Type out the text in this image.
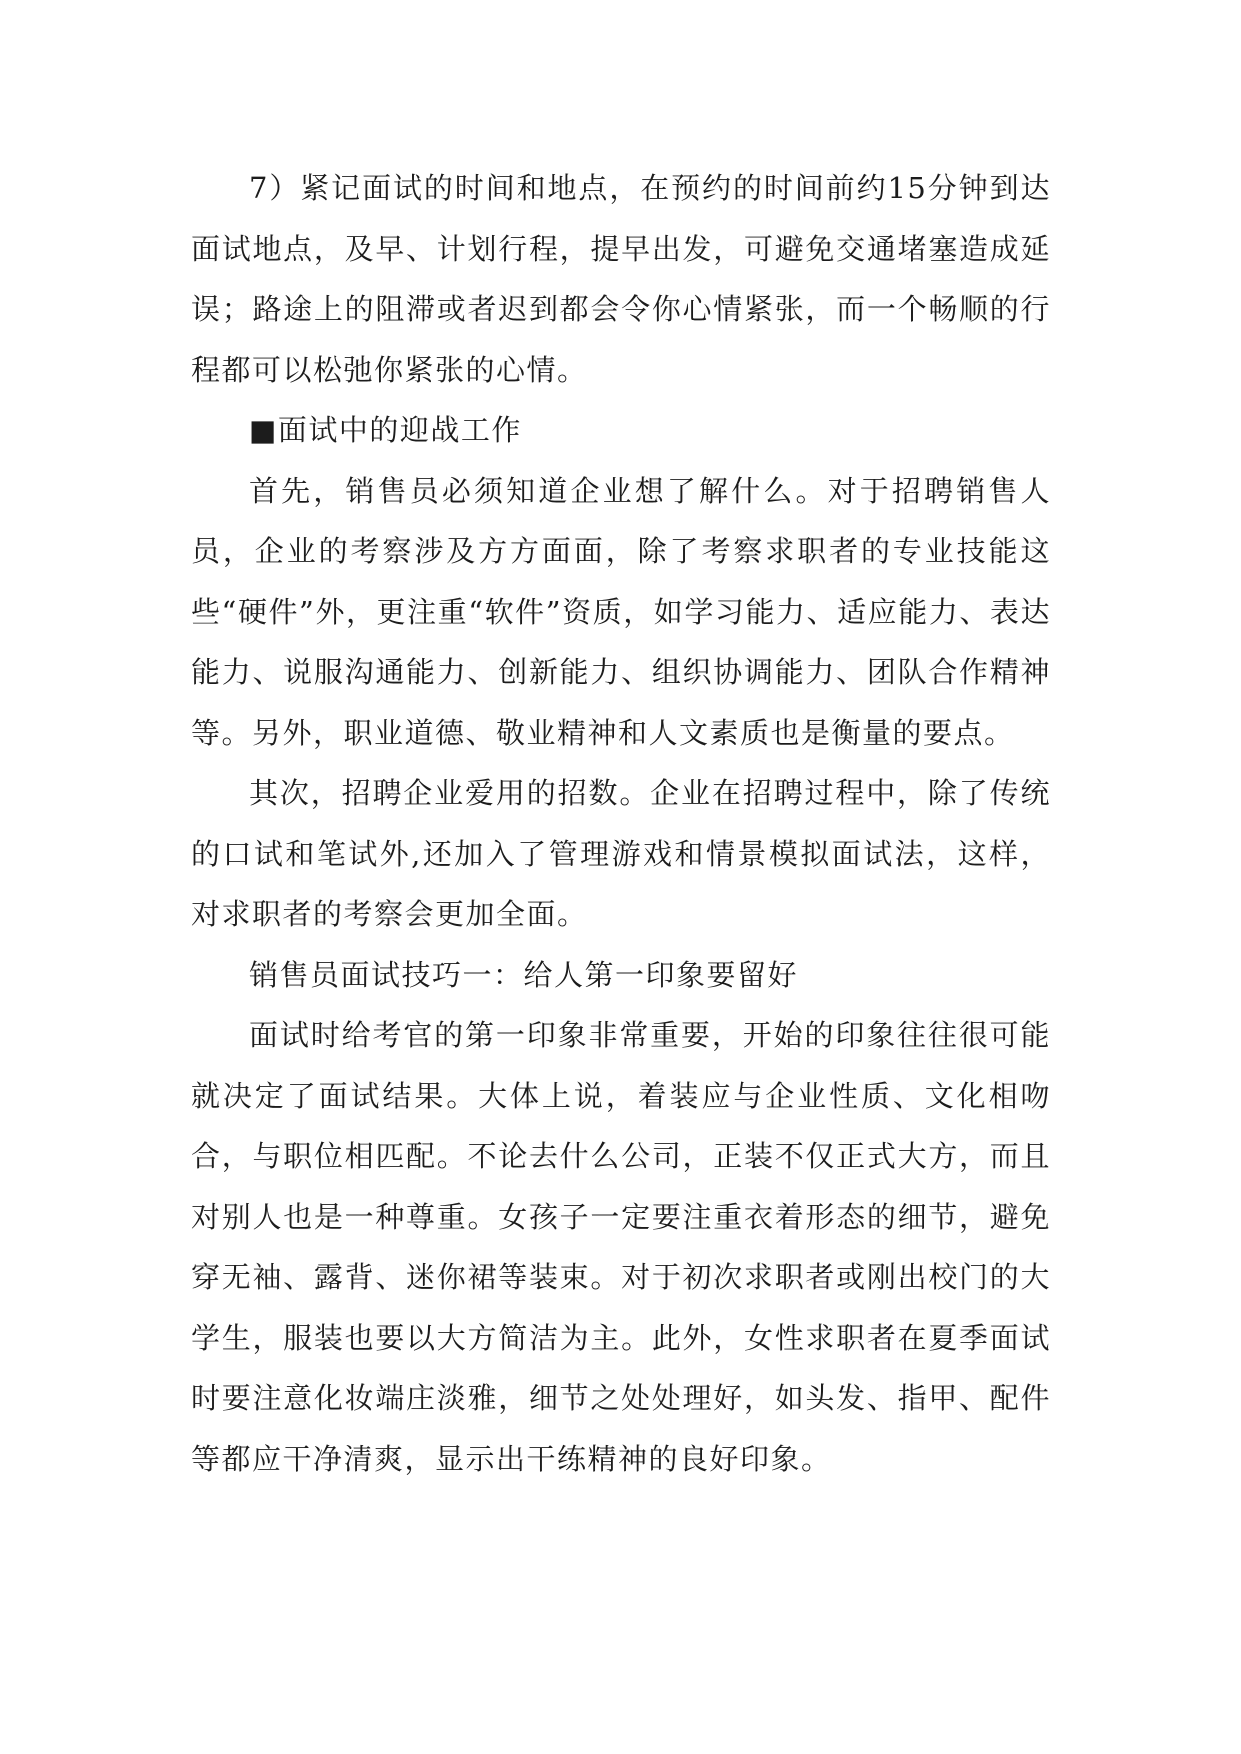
7）紧记面试的时间和地点，在预约的时间前约15分钟到达面试地点，及早、计划行程，提早出发，可避免交通堵塞造成延误；路途上的阻滞或者迟到都会令你心情紧张，而一个畅顺的行程都可以松弛你紧张的心情。

■面试中的迎战工作

首先，销售员必须知道企业想了解什么。对于招聘销售人员，企业的考察涉及方方面面，除了考察求职者的专业技能这些“硬件”外，更注重“软件”资质，如学习能力、适应能力、表达能力、说服沟通能力、创新能力、组织协调能力、团队合作精神等。另外，职业道德、敬业精神和人文素质也是衡量的要点。

其次，招聘企业爱用的招数。企业在招聘过程中，除了传统的口试和笔试外,还加入了管理游戏和情景模拟面试法，这样，对求职者的考察会更加全面。

销售员面试技巧一：给人第一印象要留好

面试时给考官的第一印象非常重要，开始的印象往往很可能就决定了面试结果。大体上说，着装应与企业性质、文化相吻合，与职位相匹配。不论去什么公司，正装不仅正式大方，而且对别人也是一种尊重。女孩子一定要注重衣着形态的细节，避免穿无袖、露背、迷你裙等装束。对于初次求职者或刚出校门的大学生，服装也要以大方简洁为主。此外，女性求职者在夏季面试时要注意化妆端庄淡雅，细节之处处理好，如头发、指甲、配件等都应干净清爽，显示出干练精神的良好印象。
